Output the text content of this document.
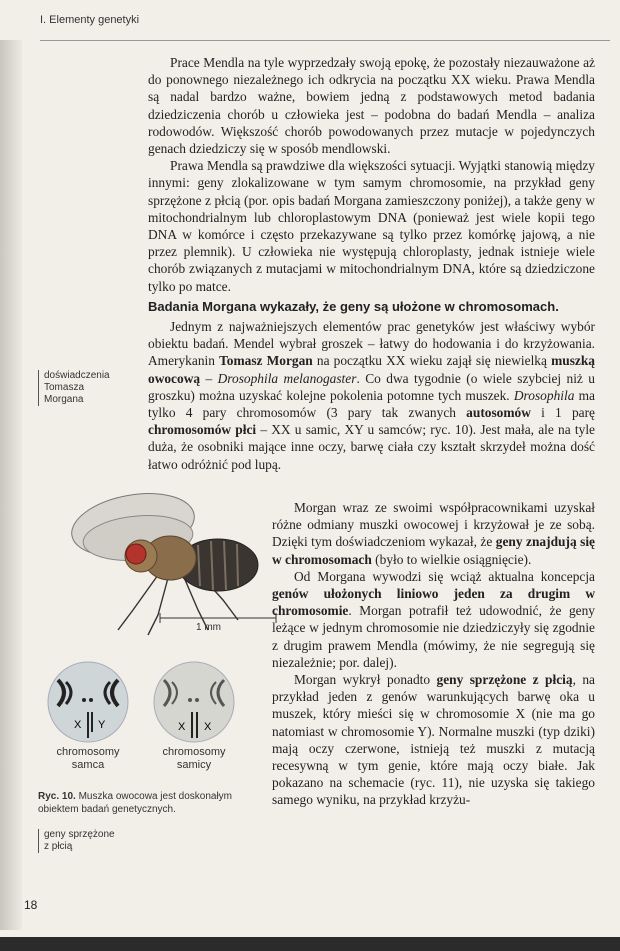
I. Elementy genetyki

Prace Mendla na tyle wyprzedzały swoją epokę, że pozostały niezauważone aż do ponownego niezależnego ich odkrycia na początku XX wieku. Prawa Mendla są nadal bardzo ważne, bowiem jedną z podstawowych metod badania dziedziczenia chorób u człowieka jest – podobna do badań Mendla – analiza rodowodów. Większość chorób powodowanych przez mutacje w pojedynczych genach dziedziczy się w sposób mendlowski.

Prawa Mendla są prawdziwe dla większości sytuacji. Wyjątki stanowią między innymi: geny zlokalizowane w tym samym chromosomie, na przykład geny sprzężone z płcią (por. opis badań Morgana zamieszczony poniżej), a także geny w mitochondrialnym lub chloroplastowym DNA (ponieważ jest wiele kopii tego DNA w komórce i często przekazywane są tylko przez komórkę jajową, a nie przez plemnik). U człowieka nie występują chloroplasty, jednak istnieje wiele chorób związanych z mutacjami w mitochondrialnym DNA, które są dziedziczone tylko po matce.

Badania Morgana wykazały, że geny są ułożone w chromosomach.

Jednym z najważniejszych elementów prac genetyków jest właściwy wybór obiektu badań. Mendel wybrał groszek – łatwy do hodowania i do krzyżowania. Amerykanin Tomasz Morgan na początku XX wieku zajął się niewielką muszką owocową – Drosophila melanogaster. Co dwa tygodnie (o wiele szybciej niż u groszku) można uzyskać kolejne pokolenia potomne tych muszek. Drosophila ma tylko 4 pary chromosomów (3 pary tak zwanych autosomów i 1 parę chromosomów płci – XX u samic, XY u samców; ryc. 10). Jest mała, ale na tyle duża, że osobniki mające inne oczy, barwę ciała czy kształt skrzydeł można dość łatwo odróżnić pod lupą.

1 mm
X Y	X X
chromosomy
samca
chromosomy
samicy
Ryc. 10. Muszka owocowa jest doskonałym obiektem badań genetycznych.
doświadczenia
Tomasza
Morgana
geny sprzężone
z płcią

Morgan wraz ze swoimi współpracownikami uzyskał różne odmiany muszki owocowej i krzyżował je ze sobą. Dzięki tym doświadczeniom wykazał, że geny znajdują się w chromosomach (było to wielkie osiągnięcie).

Od Morgana wywodzi się wciąż aktualna koncepcja genów ułożonych liniowo jeden za drugim w chromosomie. Morgan potrafił też udowodnić, że geny leżące w jednym chromosomie nie dziedziczyły się zgodnie z drugim prawem Mendla (mówimy, że nie segregują się niezależnie; por. dalej).

Morgan wykrył ponadto geny sprzężone z płcią, na przykład jeden z genów warunkujących barwę oka u muszek, który mieści się w chromosomie X (nie ma go natomiast w chromosomie Y). Normalne muszki (typ dziki) mają oczy czerwone, istnieją też muszki z mutacją recesywną w tym genie, które mają oczy białe. Jak pokazano na schemacie (ryc. 11), nie uzyska się takiego samego wyniku, na przykład krzyżu-

18
